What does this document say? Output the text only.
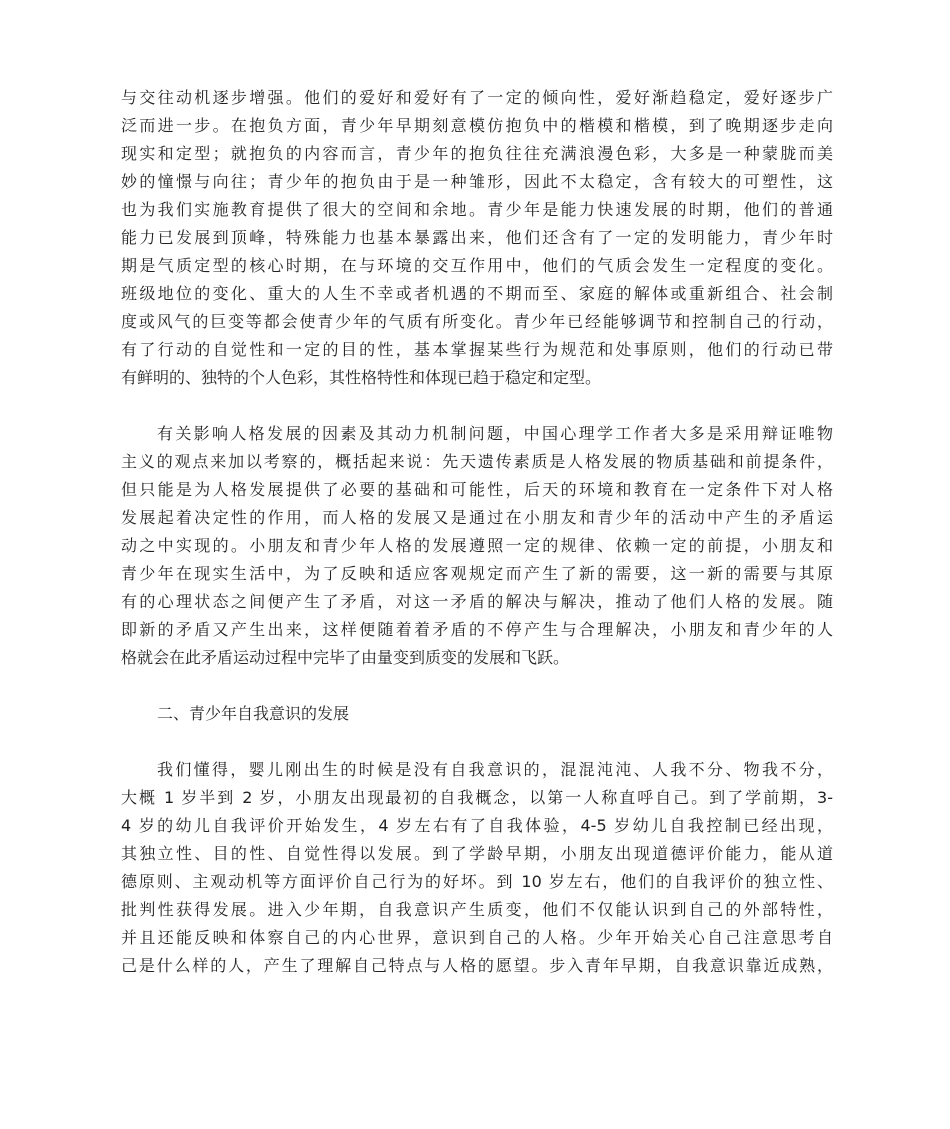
与交往动机逐步增强。他们的爱好和爱好有了一定的倾向性，爱好渐趋稳定，爱好逐步广
泛而进一步。在抱负方面，青少年早期刻意模仿抱负中的楷模和楷模，到了晚期逐步走向
现实和定型；就抱负的内容而言，青少年的抱负往往充满浪漫色彩，大多是一种蒙胧而美
妙的憧憬与向往；青少年的抱负由于是一种雏形，因此不太稳定，含有较大的可塑性，这
也为我们实施教育提供了很大的空间和余地。青少年是能力快速发展的时期，他们的普通
能力已发展到顶峰，特殊能力也基本暴露出来，他们还含有了一定的发明能力，青少年时
期是气质定型的核心时期，在与环境的交互作用中，他们的气质会发生一定程度的变化。
班级地位的变化、重大的人生不幸或者机遇的不期而至、家庭的解体或重新组合、社会制
度或风气的巨变等都会使青少年的气质有所变化。青少年已经能够调节和控制自己的行动，
有了行动的自觉性和一定的目的性，基本掌握某些行为规范和处事原则，他们的行动已带
有鲜明的、独特的个人色彩，其性格特性和体现已趋于稳定和定型。
有关影响人格发展的因素及其动力机制问题，中国心理学工作者大多是采用辩证唯物
主义的观点来加以考察的，概括起来说：先天遗传素质是人格发展的物质基础和前提条件，
但只能是为人格发展提供了必要的基础和可能性，后天的环境和教育在一定条件下对人格
发展起着决定性的作用，而人格的发展又是通过在小朋友和青少年的活动中产生的矛盾运
动之中实现的。小朋友和青少年人格的发展遵照一定的规律、依赖一定的前提，小朋友和
青少年在现实生活中，为了反映和适应客观规定而产生了新的需要，这一新的需要与其原
有的心理状态之间便产生了矛盾，对这一矛盾的解决与解决，推动了他们人格的发展。随
即新的矛盾又产生出来，这样便随着着矛盾的不停产生与合理解决，小朋友和青少年的人
格就会在此矛盾运动过程中完毕了由量变到质变的发展和飞跃。
二、青少年自我意识的发展
我们懂得，婴儿刚出生的时候是没有自我意识的，混混沌沌、人我不分、物我不分，
大概 1 岁半到 2 岁，小朋友出现最初的自我概念，以第一人称直呼自己。到了学前期，3-
4 岁的幼儿自我评价开始发生，4 岁左右有了自我体验，4-5 岁幼儿自我控制已经出现，
其独立性、目的性、自觉性得以发展。到了学龄早期，小朋友出现道德评价能力，能从道
德原则、主观动机等方面评价自己行为的好坏。到 10 岁左右，他们的自我评价的独立性、
批判性获得发展。进入少年期，自我意识产生质变，他们不仅能认识到自己的外部特性，
并且还能反映和体察自己的内心世界，意识到自己的人格。少年开始关心自己注意思考自
己是什么样的人，产生了理解自己特点与人格的愿望。步入青年早期，自我意识靠近成熟，
